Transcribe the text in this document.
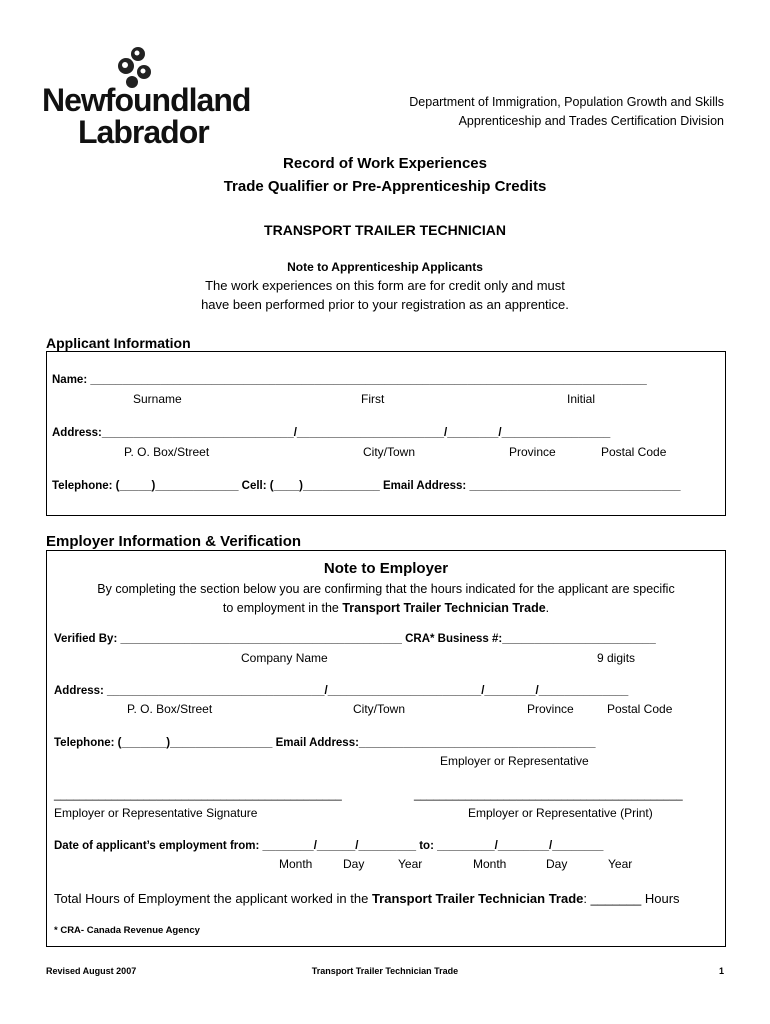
Newfoundland
Labrador
Department of Immigration, Population Growth and Skills
Apprenticeship and Trades Certification Division
Record of Work Experiences
Trade Qualifier or Pre-Apprenticeship Credits
TRANSPORT TRAILER TECHNICIAN
Note to Apprenticeship Applicants
The work experiences on this form are for credit only and must
have been performed prior to your registration as an apprentice.
Applicant Information
Name: _______________________________________________________________________________________
Surname	First	Initial
Address:______________________________/_______________________/________/_________________
P. O. Box/Street	City/Town	Province	Postal Code
Telephone: (_____)_____________ Cell: (____)____________ Email Address: _________________________________
Employer Information & Verification
Note to Employer
By completing the section below you are confirming that the hours indicated for the applicant are specific
to employment in the Transport Trailer Technician Trade.
Verified By: ____________________________________________ CRA* Business #:________________________
Company Name	9 digits
Address: __________________________________/________________________/________/______________
P. O. Box/Street	City/Town	Province	Postal Code
Telephone: (_______)________________ Email Address:_____________________________________
Employer or Representative
_____________________________________________	__________________________________________
Employer or Representative Signature	Employer or Representative (Print)
Date of applicant’s employment from: ________/______/_________ to: _________/________/________
Month	Day	Year	Month	Day	Year
Total Hours of Employment the applicant worked in the Transport Trailer Technician Trade: _______ Hours
* CRA- Canada Revenue Agency
Revised August 2007	Transport Trailer Technician Trade	1
